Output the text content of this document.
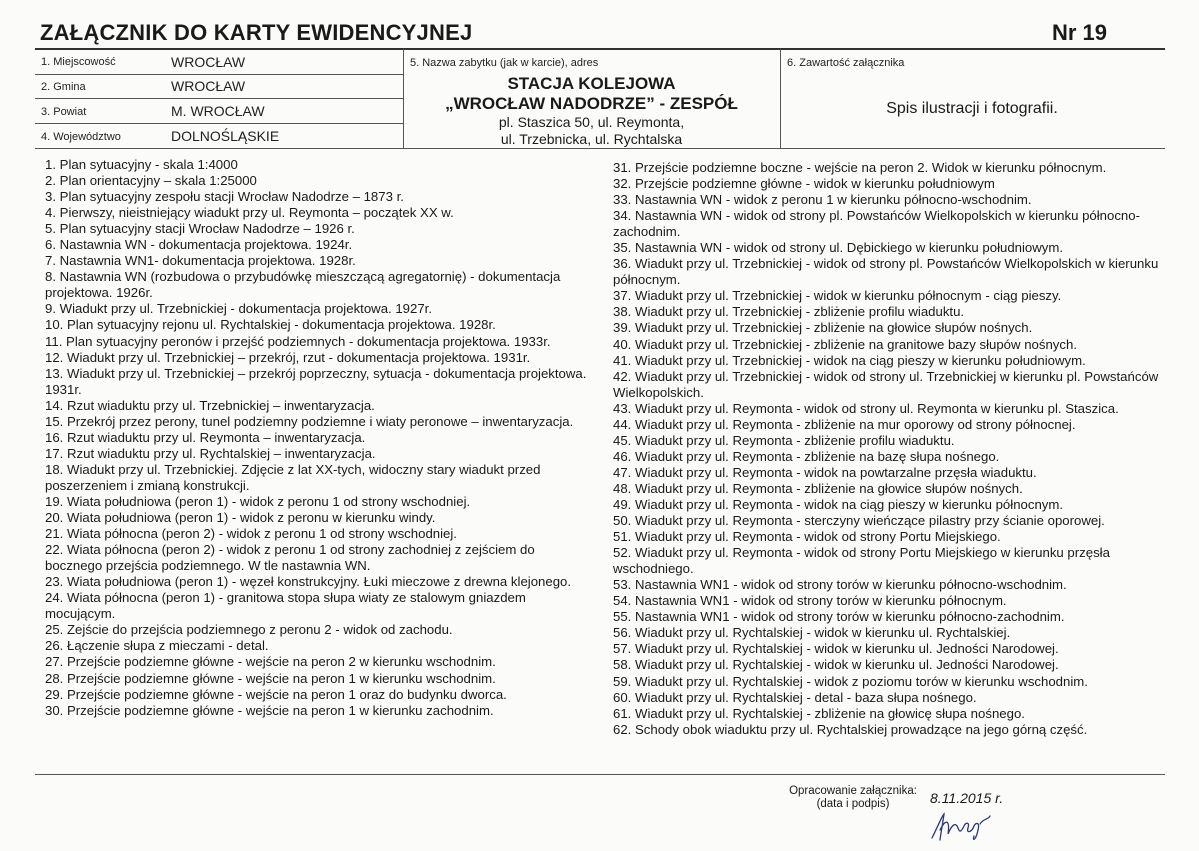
ZAŁĄCZNIK DO KARTY EWIDENCYJNEJ	Nr 19
1. Miejscowość	WROCŁAW
2. Gmina	WROCŁAW
3. Powiat	M. WROCŁAW
4. Województwo	DOLNOŚLĄSKIE
5. Nazwa zabytku (jak w karcie), adres
STACJA KOLEJOWA
„WROCŁAW NADODRZE” - ZESPÓŁ
pl. Staszica 50, ul. Reymonta,
ul. Trzebnicka, ul. Rychtalska
6. Zawartość załącznika
Spis ilustracji i fotografii.
1. Plan sytuacyjny - skala 1:4000
2. Plan orientacyjny – skala 1:25000
3. Plan sytuacyjny zespołu stacji Wrocław Nadodrze – 1873 r.
4. Pierwszy, nieistniejący wiadukt przy ul. Reymonta – początek XX w.
5. Plan sytuacyjny stacji Wrocław Nadodrze – 1926 r.
6. Nastawnia WN - dokumentacja projektowa. 1924r.
7. Nastawnia WN1- dokumentacja projektowa. 1928r.
8. Nastawnia WN (rozbudowa o przybudówkę mieszczącą agregatornię) - dokumentacja projektowa. 1926r.
9. Wiadukt przy ul. Trzebnickiej - dokumentacja projektowa. 1927r.
10. Plan sytuacyjny rejonu ul. Rychtalskiej - dokumentacja projektowa. 1928r.
11. Plan sytuacyjny peronów i przejść podziemnych - dokumentacja projektowa. 1933r.
12. Wiadukt przy ul. Trzebnickiej – przekrój, rzut - dokumentacja projektowa. 1931r.
13. Wiadukt przy ul. Trzebnickiej – przekrój poprzeczny, sytuacja - dokumentacja projektowa. 1931r.
14. Rzut wiaduktu przy ul. Trzebnickiej – inwentaryzacja.
15. Przekrój przez perony, tunel podziemny podziemne i wiaty peronowe – inwentaryzacja.
16. Rzut wiaduktu przy ul. Reymonta – inwentaryzacja.
17. Rzut wiaduktu przy ul. Rychtalskiej – inwentaryzacja.
18. Wiadukt przy ul. Trzebnickiej. Zdjęcie z lat XX-tych, widoczny stary wiadukt przed poszerzeniem i zmianą konstrukcji.
19. Wiata południowa (peron 1) - widok z peronu 1 od strony wschodniej.
20. Wiata południowa (peron 1) - widok z peronu w kierunku windy.
21. Wiata północna (peron 2) - widok z peronu 1 od strony wschodniej.
22. Wiata północna (peron 2) - widok z peronu 1 od strony zachodniej z zejściem do bocznego przejścia podziemnego. W tle nastawnia WN.
23. Wiata południowa (peron 1) - węzeł konstrukcyjny. Łuki mieczowe z drewna klejonego.
24. Wiata północna (peron 1) - granitowa stopa słupa wiaty ze stalowym gniazdem mocującym.
25. Zejście do przejścia podziemnego z peronu 2 - widok od zachodu.
26. Łączenie słupa z mieczami - detal.
27. Przejście podziemne główne - wejście na peron 2 w kierunku wschodnim.
28. Przejście podziemne główne - wejście na peron 1 w kierunku wschodnim.
29. Przejście podziemne główne - wejście na peron 1 oraz do budynku dworca.
30. Przejście podziemne główne - wejście na peron 1 w kierunku zachodnim.
31. Przejście podziemne boczne - wejście na peron 2. Widok w kierunku północnym.
32. Przejście podziemne główne - widok w kierunku południowym
33. Nastawnia WN - widok z peronu 1 w kierunku północno-wschodnim.
34. Nastawnia WN - widok od strony pl. Powstańców Wielkopolskich w kierunku północno-zachodnim.
35. Nastawnia WN - widok od strony ul. Dębickiego w kierunku południowym.
36. Wiadukt przy ul. Trzebnickiej - widok od strony pl. Powstańców Wielkopolskich w kierunku północnym.
37. Wiadukt przy ul. Trzebnickiej - widok w kierunku północnym - ciąg pieszy.
38. Wiadukt przy ul. Trzebnickiej - zbliżenie profilu wiaduktu.
39. Wiadukt przy ul. Trzebnickiej - zbliżenie na głowice słupów nośnych.
40. Wiadukt przy ul. Trzebnickiej - zbliżenie na granitowe bazy słupów nośnych.
41. Wiadukt przy ul. Trzebnickiej - widok na ciąg pieszy w kierunku południowym.
42. Wiadukt przy ul. Trzebnickiej - widok od strony ul. Trzebnickiej w kierunku pl. Powstańców Wielkopolskich.
43. Wiadukt przy ul. Reymonta - widok od strony ul. Reymonta w kierunku pl. Staszica.
44. Wiadukt przy ul. Reymonta - zbliżenie na mur oporowy od strony północnej.
45. Wiadukt przy ul. Reymonta - zbliżenie profilu wiaduktu.
46. Wiadukt przy ul. Reymonta - zbliżenie na bazę słupa nośnego.
47. Wiadukt przy ul. Reymonta - widok na powtarzalne przęsła wiaduktu.
48. Wiadukt przy ul. Reymonta - zbliżenie na głowice słupów nośnych.
49. Wiadukt przy ul. Reymonta - widok na ciąg pieszy w kierunku północnym.
50. Wiadukt przy ul. Reymonta - sterczyny wieńczące pilastry przy ścianie oporowej.
51. Wiadukt przy ul. Reymonta - widok od strony Portu Miejskiego.
52. Wiadukt przy ul. Reymonta - widok od strony Portu Miejskiego w kierunku przęsła wschodniego.
53. Nastawnia WN1 - widok od strony torów w kierunku północno-wschodnim.
54. Nastawnia WN1 - widok od strony torów w kierunku północnym.
55. Nastawnia WN1 - widok od strony torów w kierunku północno-zachodnim.
56. Wiadukt przy ul. Rychtalskiej - widok w kierunku ul. Rychtalskiej.
57. Wiadukt przy ul. Rychtalskiej - widok w kierunku ul. Jedności Narodowej.
58. Wiadukt przy ul. Rychtalskiej - widok w kierunku ul. Jedności Narodowej.
59. Wiadukt przy ul. Rychtalskiej - widok z poziomu torów w kierunku wschodnim.
60. Wiadukt przy ul. Rychtalskiej - detal - baza słupa nośnego.
61. Wiadukt przy ul. Rychtalskiej - zbliżenie na głowicę słupa nośnego.
62. Schody obok wiaduktu przy ul. Rychtalskiej prowadzące na jego górną część.
Opracowanie załącznika:
(data i podpis)	8.11.2015 r.
